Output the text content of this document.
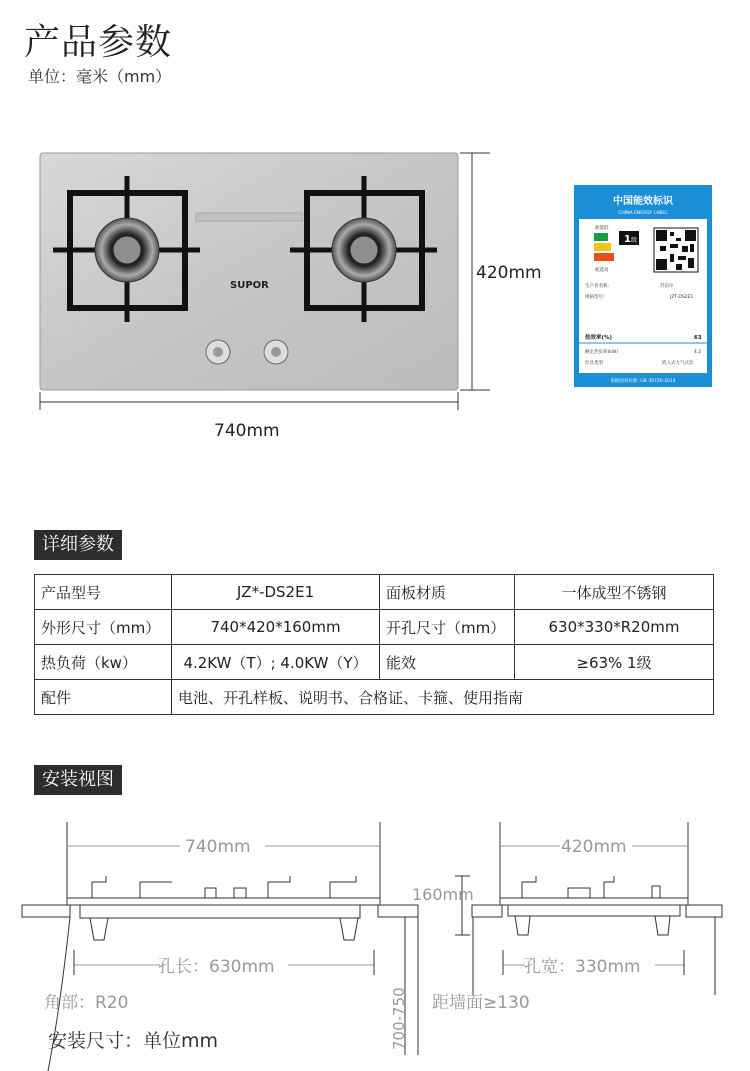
产品参数
单位：毫米（mm）
SUPOR
420mm
740mm
中国能效标识
CHINA ENERGY LABEL
耗能低
耗能高
1 级
生产者名称:	苏泊尔
规格型号:	JZT-DS2E1
热效率(%)	63
额定热负荷(kW)	4.2
灶具类型	嵌入式大气式灶
依据国家标准: GB 30720-2014
详细参数
产品型号	JZ*-DS2E1	面板材质	一体成型不锈钢
外形尺寸（mm）	740*420*160mm	开孔尺寸（mm）	630*330*R20mm
热负荷（kw）	4.2KW（T）; 4.0KW（Y）	能效	≥63% 1级
配件	电池、开孔样板、说明书、合格证、卡箍、使用指南		
安装视图
740mm
160mm
700-750
孔长：630mm
角部：R20
420mm
孔宽：330mm
距墙面≥130
安装尺寸：单位mm
